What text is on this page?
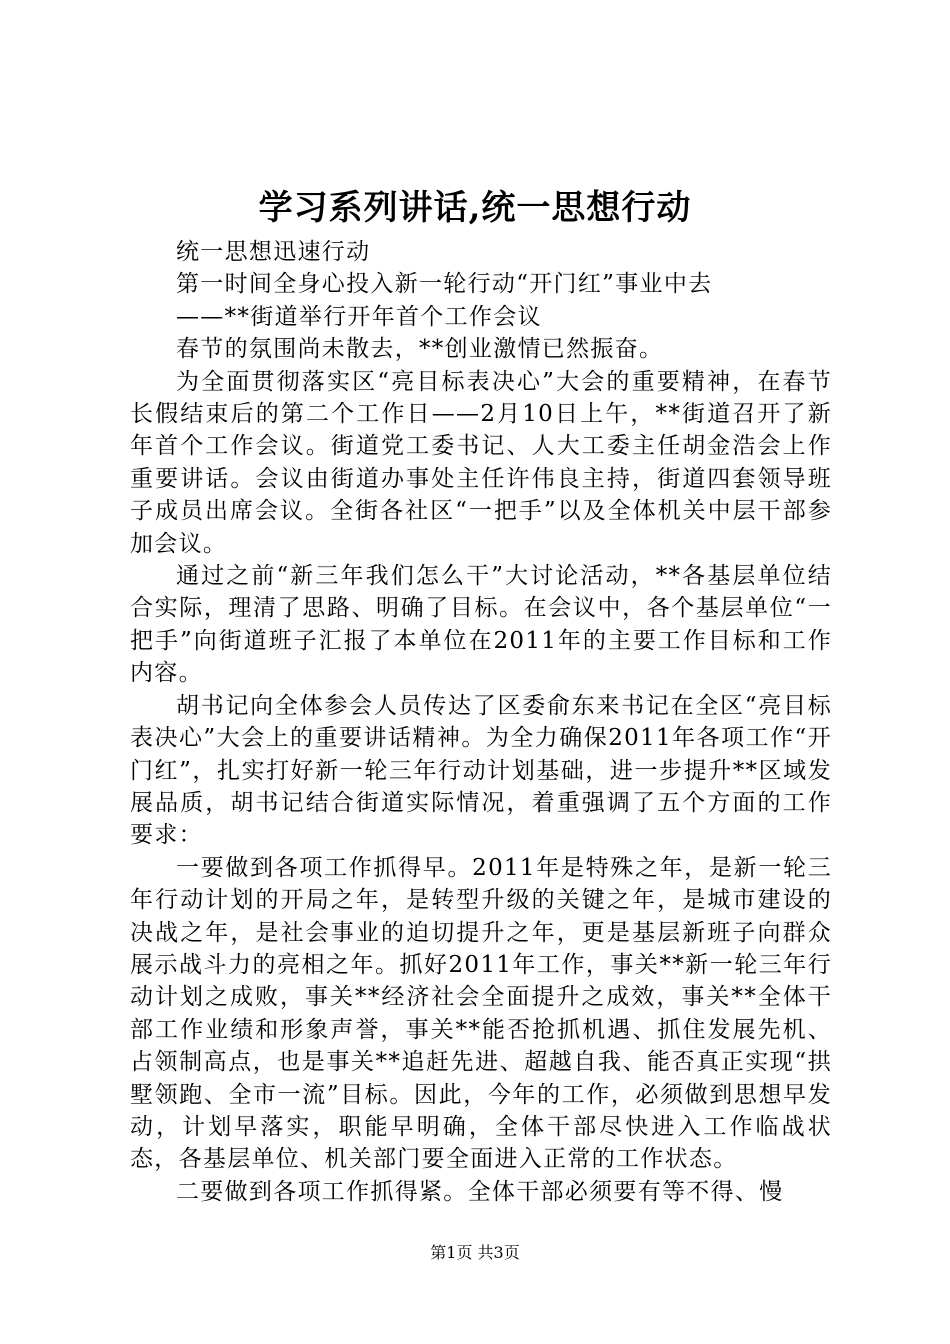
学习系列讲话,统一思想行动

统一思想迅速行动

第一时间全身心投入新一轮行动“开门红”事业中去

——**街道举行开年首个工作会议

春节的氛围尚未散去，**创业激情已然振奋。

为全面贯彻落实区“亮目标表决心”大会的重要精神，在春节长假结束后的第二个工作日——2月10日上午，**街道召开了新年首个工作会议。街道党工委书记、人大工委主任胡金浩会上作重要讲话。会议由街道办事处主任许伟良主持，街道四套领导班子成员出席会议。全街各社区“一把手”以及全体机关中层干部参加会议。

通过之前“新三年我们怎么干”大讨论活动，**各基层单位结合实际，理清了思路、明确了目标。在会议中，各个基层单位“一把手”向街道班子汇报了本单位在2011年的主要工作目标和工作内容。

胡书记向全体参会人员传达了区委俞东来书记在全区“亮目标表决心”大会上的重要讲话精神。为全力确保2011年各项工作“开门红”，扎实打好新一轮三年行动计划基础，进一步提升**区域发展品质，胡书记结合街道实际情况，着重强调了五个方面的工作要求：

一要做到各项工作抓得早。2011年是特殊之年，是新一轮三年行动计划的开局之年，是转型升级的关键之年，是城市建设的决战之年，是社会事业的迫切提升之年，更是基层新班子向群众展示战斗力的亮相之年。抓好2011年工作，事关**新一轮三年行动计划之成败，事关**经济社会全面提升之成效，事关**全体干部工作业绩和形象声誉，事关**能否抢抓机遇、抓住发展先机、占领制高点，也是事关**追赶先进、超越自我、能否真正实现“拱墅领跑、全市一流”目标。因此，今年的工作，必须做到思想早发动，计划早落实，职能早明确，全体干部尽快进入工作临战状态，各基层单位、机关部门要全面进入正常的工作状态。

二要做到各项工作抓得紧。全体干部必须要有等不得、慢

第1页 共3页
